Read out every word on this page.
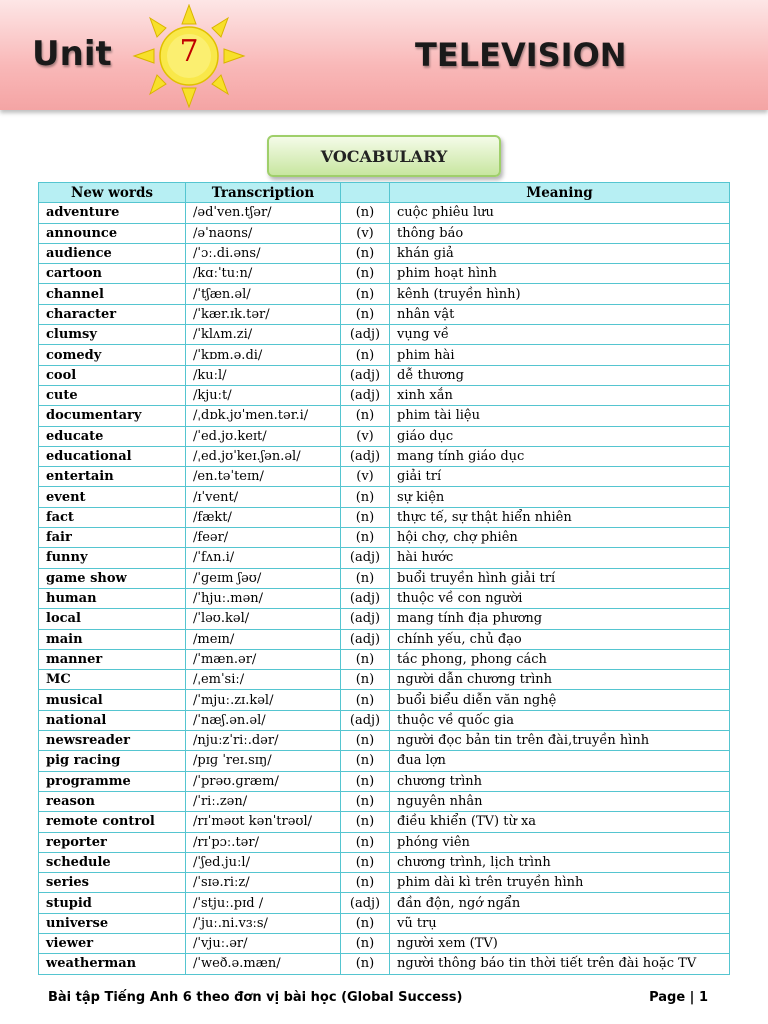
Unit	7	TELEVISION
VOCABULARY
New words	Transcription		Meaning
adventure	/ədˈven.tʃər/	(n)	cuộc phiêu lưu
announce	/əˈnaʊns/	(v)	thông báo
audience	/ˈɔː.di.əns/	(n)	khán giả
cartoon	/kɑːˈtuːn/	(n)	phim hoạt hình
channel	/ˈtʃæn.əl/	(n)	kênh (truyền hình)
character	/ˈkær.ɪk.tər/	(n)	nhân vật
clumsy	/ˈklʌm.zi/	(adj)	vụng về
comedy	/ˈkɒm.ə.di/	(n)	phim hài
cool	/kuːl/	(adj)	dễ thương
cute	/kjuːt/	(adj)	xinh xắn
documentary	/ˌdɒk.jʊˈmen.tər.i/	(n)	phim tài liệu
educate	/ˈed.jʊ.keɪt/	(v)	giáo dục
educational	/ˌed.jʊˈkeɪ.ʃən.əl/	(adj)	mang tính giáo dục
entertain	/en.təˈteɪn/	(v)	giải trí
event	/ɪˈvent/	(n)	sự kiện
fact	/fækt/	(n)	thực tế, sự thật hiển nhiên
fair	/feər/	(n)	hội chợ, chợ phiên
funny	/ˈfʌn.i/	(adj)	hài hước
game show	/ˈɡeɪm ʃəʊ/	(n)	buổi truyền hình giải trí
human	/ˈhjuː.mən/	(adj)	thuộc về con người
local	/ˈləʊ.kəl/	(adj)	mang tính địa phương
main	/meɪn/	(adj)	chính yếu, chủ đạo
manner	/ˈmæn.ər/	(n)	tác phong, phong cách
MC	/ˌemˈsiː/	(n)	người dẫn chương trình
musical	/ˈmjuː.zɪ.kəl/	(n)	buổi biểu diễn văn nghệ
national	/ˈnæʃ.ən.əl/	(adj)	thuộc về quốc gia
newsreader	/njuːzˈriː.dər/	(n)	người đọc bản tin trên đài,truyền hình
pig racing	/pɪɡ ˈreɪ.sɪŋ/	(n)	đua lợn
programme	/ˈprəʊ.ɡræm/	(n)	chương trình
reason	/ˈriː.zən/	(n)	nguyên nhân
remote control	/rɪˈməʊt kənˈtrəʊl/	(n)	điều khiển (TV) từ xa
reporter	/rɪˈpɔː.tər/	(n)	phóng viên
schedule	/ˈʃed.juːl/	(n)	chương trình, lịch trình
series	/ˈsɪə.riːz/	(n)	phim dài kì trên truyền hình
stupid	/ˈstjuː.pɪd /	(adj)	đần độn, ngớ ngẩn
universe	/ˈjuː.ni.vɜːs/	(n)	vũ trụ
viewer	/ˈvjuː.ər/	(n)	người xem (TV)
weatherman	/ˈweð.ə.mæn/	(n)	người thông báo tin thời tiết trên đài hoặc TV
Bài tập Tiếng Anh 6 theo đơn vị bài học (Global Success)	Page | 1
